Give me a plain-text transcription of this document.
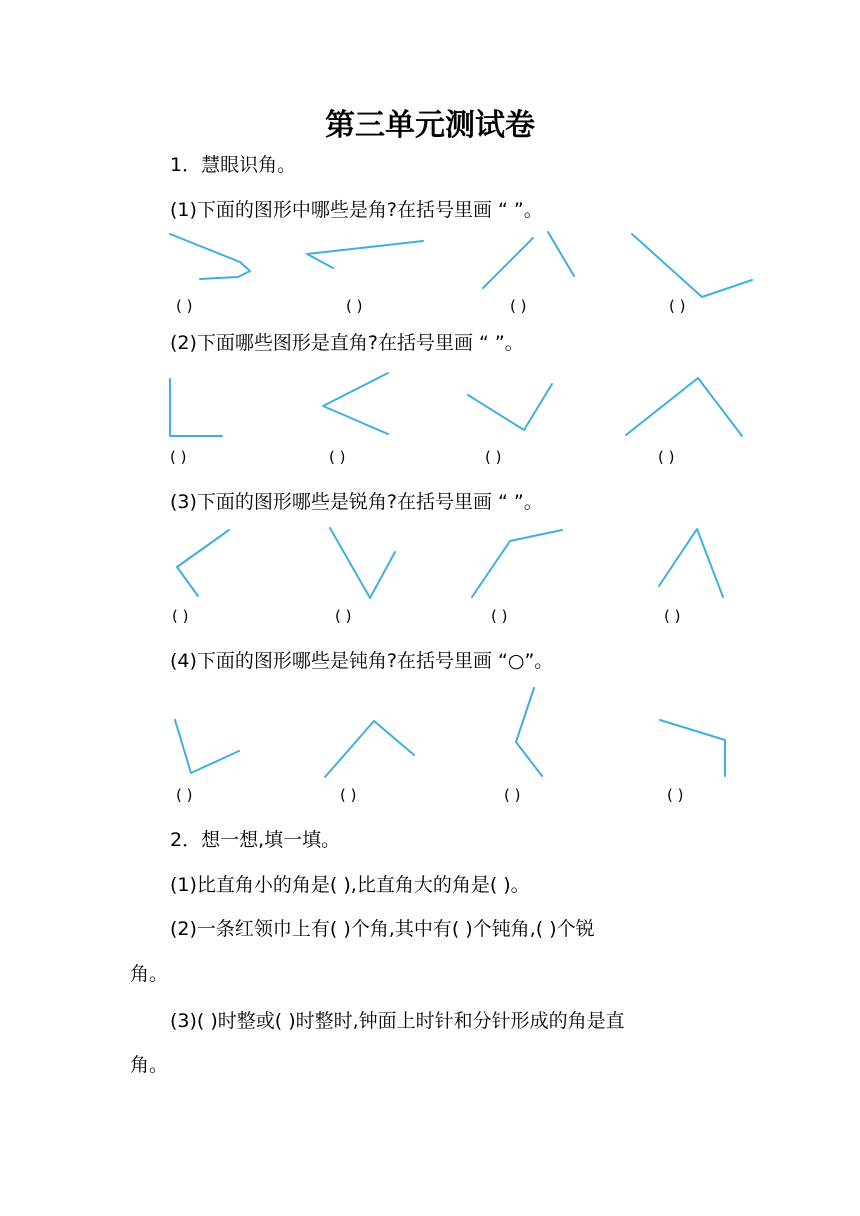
第三单元测试卷
1．慧眼识角。
(1)下面的图形中哪些是角?在括号里画 “ ”。
(2)下面哪些图形是直角?在括号里画 “ ”。
(3)下面的图形哪些是锐角?在括号里画 “ ”。
(4)下面的图形哪些是钝角?在括号里画 “○”。
( )	( )	( )	( )
( )	( )	( )	( )
( )	( )	( )	( )
( )	( )	( )	( )
2．想一想,填一填。
(1)比直角小的角是( ),比直角大的角是( )。
(2)一条红领巾上有( )个角,其中有( )个钝角,( )个锐
角。
(3)( )时整或( )时整时,钟面上时针和分针形成的角是直
角。
